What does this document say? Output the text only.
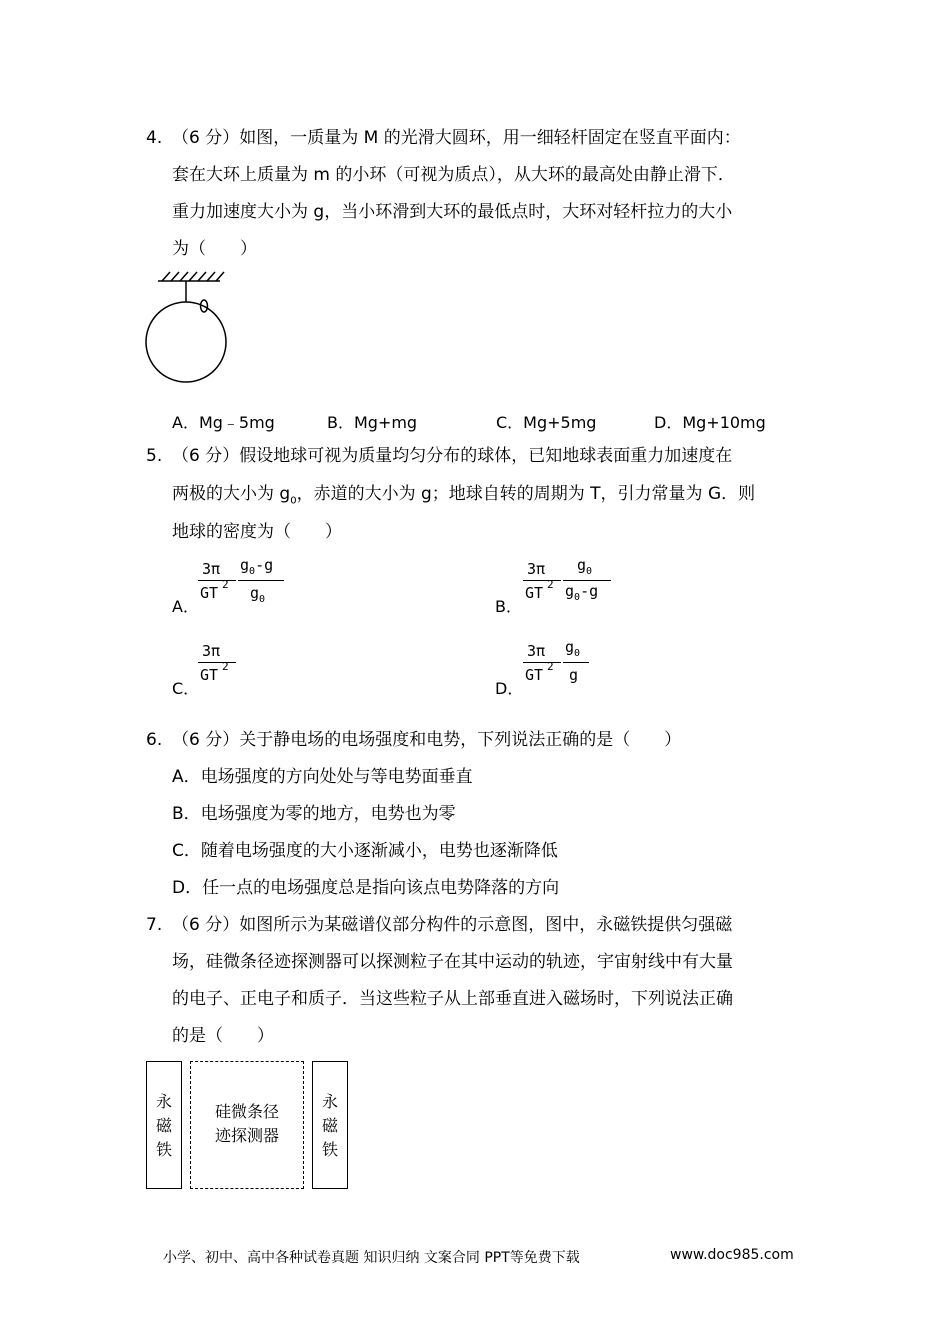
4. （6 分）如图，一质量为 M 的光滑大圆环，用一细轻杆固定在竖直平面内：
套在大环上质量为 m 的小环（可视为质点），从大环的最高处由静止滑下．
重力加速度大小为 g，当小环滑到大环的最低点时，大环对轻杆拉力的大小
为（　　）
A．Mg﹣5mg	B．Mg+mg	C．Mg+5mg	D．Mg+10mg
5. （6 分）假设地球可视为质量均匀分布的球体，已知地球表面重力加速度在
两极的大小为 $g_0$，赤道的大小为 g；地球自转的周期为 T，引力常量为 G．则
地球的密度为（　　）
A．
3π
GT 2
$g_0-g$
$g_0$	B．
3π
GT 2
$g_0$
$g_0-g$
C．
3π
GT 2
D．
3π
GT 2
$g_0$
g
6. （6 分）关于静电场的电场强度和电势，下列说法正确的是（　　）
A．电场强度的方向处处与等电势面垂直
B．电场强度为零的地方，电势也为零
C．随着电场强度的大小逐渐减小，电势也逐渐降低
D．任一点的电场强度总是指向该点电势降落的方向
7. （6 分）如图所示为某磁谱仪部分构件的示意图，图中，永磁铁提供匀强磁
场，硅微条径迹探测器可以探测粒子在其中运动的轨迹，宇宙射线中有大量
的电子、正电子和质子．当这些粒子从上部垂直进入磁场时，下列说法正确
的是（　　）
永
磁
铁
硅微条径
迹探测器
永
磁
铁
小学、初中、高中各种试卷真题 知识归纳 文案合同 PPT等免费下载	www.doc985.com
